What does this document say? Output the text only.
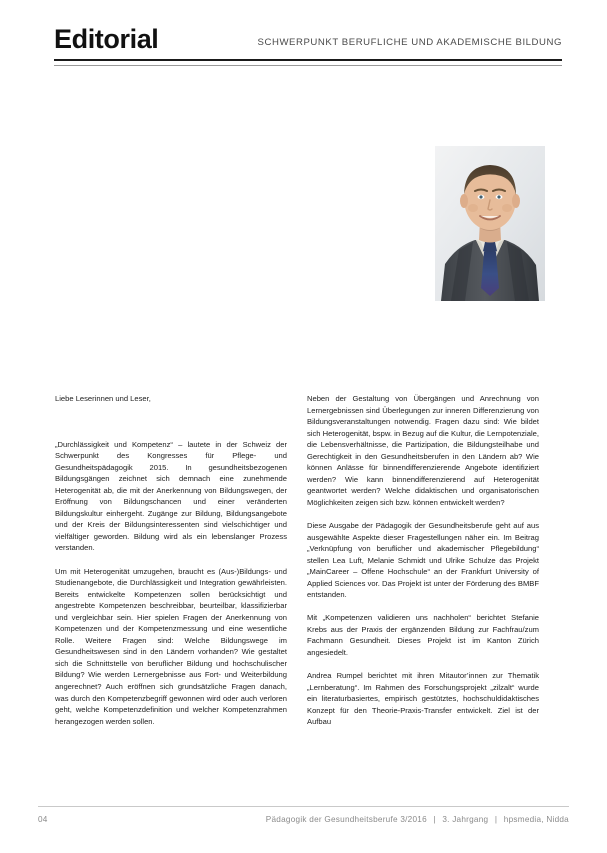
Editorial	SCHWERPUNKT BERUFLICHE UND AKADEMISCHE BILDUNG

Liebe Leserinnen und Leser,

„Durchlässigkeit und Kompetenz“ – lautete in der Schweiz der Schwerpunkt des Kongresses für Pflege- und Gesundheitspädagogik 2015. In gesundheitsbezogenen Bildungsgängen zeichnet sich demnach eine zunehmende Heterogenität ab, die mit der Anerkennung von Bildungswegen, der Eröffnung von Bildungschancen und einer veränderten Bildungskultur einhergeht. Zugänge zur Bildung, Bildungsangebote und der Kreis der Bildungsinteressenten sind vielschichtiger und vielfältiger geworden. Bildung wird als ein lebenslanger Prozess verstanden.

Um mit Heterogenität umzugehen, braucht es (Aus-)Bildungs- und Studienangebote, die Durchlässigkeit und Integration gewährleisten. Bereits entwickelte Kompetenzen sollen berücksichtigt und angestrebte Kompetenzen beschreibbar, beurteilbar, klassifizierbar und vergleichbar sein. Hier spielen Fragen der Anerkennung von Kompetenzen und der Kompetenzmessung und eine wesentliche Rolle. Weitere Fragen sind: Welche Bildungswege im Gesundheitswesen sind in den Ländern vorhanden? Wie gestaltet sich die Schnittstelle von beruflicher Bildung und hochschulischer Bildung? Wie werden Lernergebnisse aus Fort- und Weiterbildung angerechnet? Auch eröffnen sich grundsätzliche Fragen danach, was durch den Kompetenzbegriff gewonnen wird oder auch verloren geht, welche Kompetenzdefinition und welcher Kompetenzrahmen herangezogen werden sollen.

Neben der Gestaltung von Übergängen und Anrechnung von Lernergebnissen sind Überlegungen zur inneren Differenzierung von Bildungsveranstaltungen notwendig. Fragen dazu sind: Wie bildet sich Heterogenität, bspw. in Bezug auf die Kultur, die Lernpotenziale, die Lebensverhältnisse, die Partizipation, die Bildungsteilhabe und Gerechtigkeit in den Gesundheitsberufen in den Ländern ab? Wie können Anlässe für binnendifferenzierende Angebote identifiziert werden? Wie kann binnendifferenzierend auf Heterogenität geantwortet werden? Welche didaktischen und organisatorischen Möglichkeiten zeigen sich bzw. können entwickelt werden?

Diese Ausgabe der Pädagogik der Gesundheitsberufe geht auf aus ausgewählte Aspekte dieser Fragestellungen näher ein. Im Beitrag „Verknüpfung von beruflicher und akademischer Pflegebildung“ stellen Lea Luft, Melanie Schmidt und Ulrike Schulze das Projekt „MainCareer – Offene Hochschule“ an der Frankfurt University of Applied Sciences vor. Das Projekt ist unter der Förderung des BMBF entstanden.

Mit „Kompetenzen validieren uns nachholen“ berichtet Stefanie Krebs aus der Praxis der ergänzenden Bildung zur Fachfrau/zum Fachmann Gesundheit. Dieses Projekt ist im Kanton Zürich angesiedelt.

Andrea Rumpel berichtet mit ihren Mitautor’innen zur Thematik „Lernberatung“. Im Rahmen des Forschungsprojekt „zilzalt“ wurde ein literaturbasiertes, empirisch gestütztes, hochschuldidaktisches Konzept für den Theorie-Praxis-Transfer entwickelt. Ziel ist der Aufbau

04	Pädagogik der Gesundheitsberufe 3/2016 | 3. Jahrgang | hpsmedia, Nidda
